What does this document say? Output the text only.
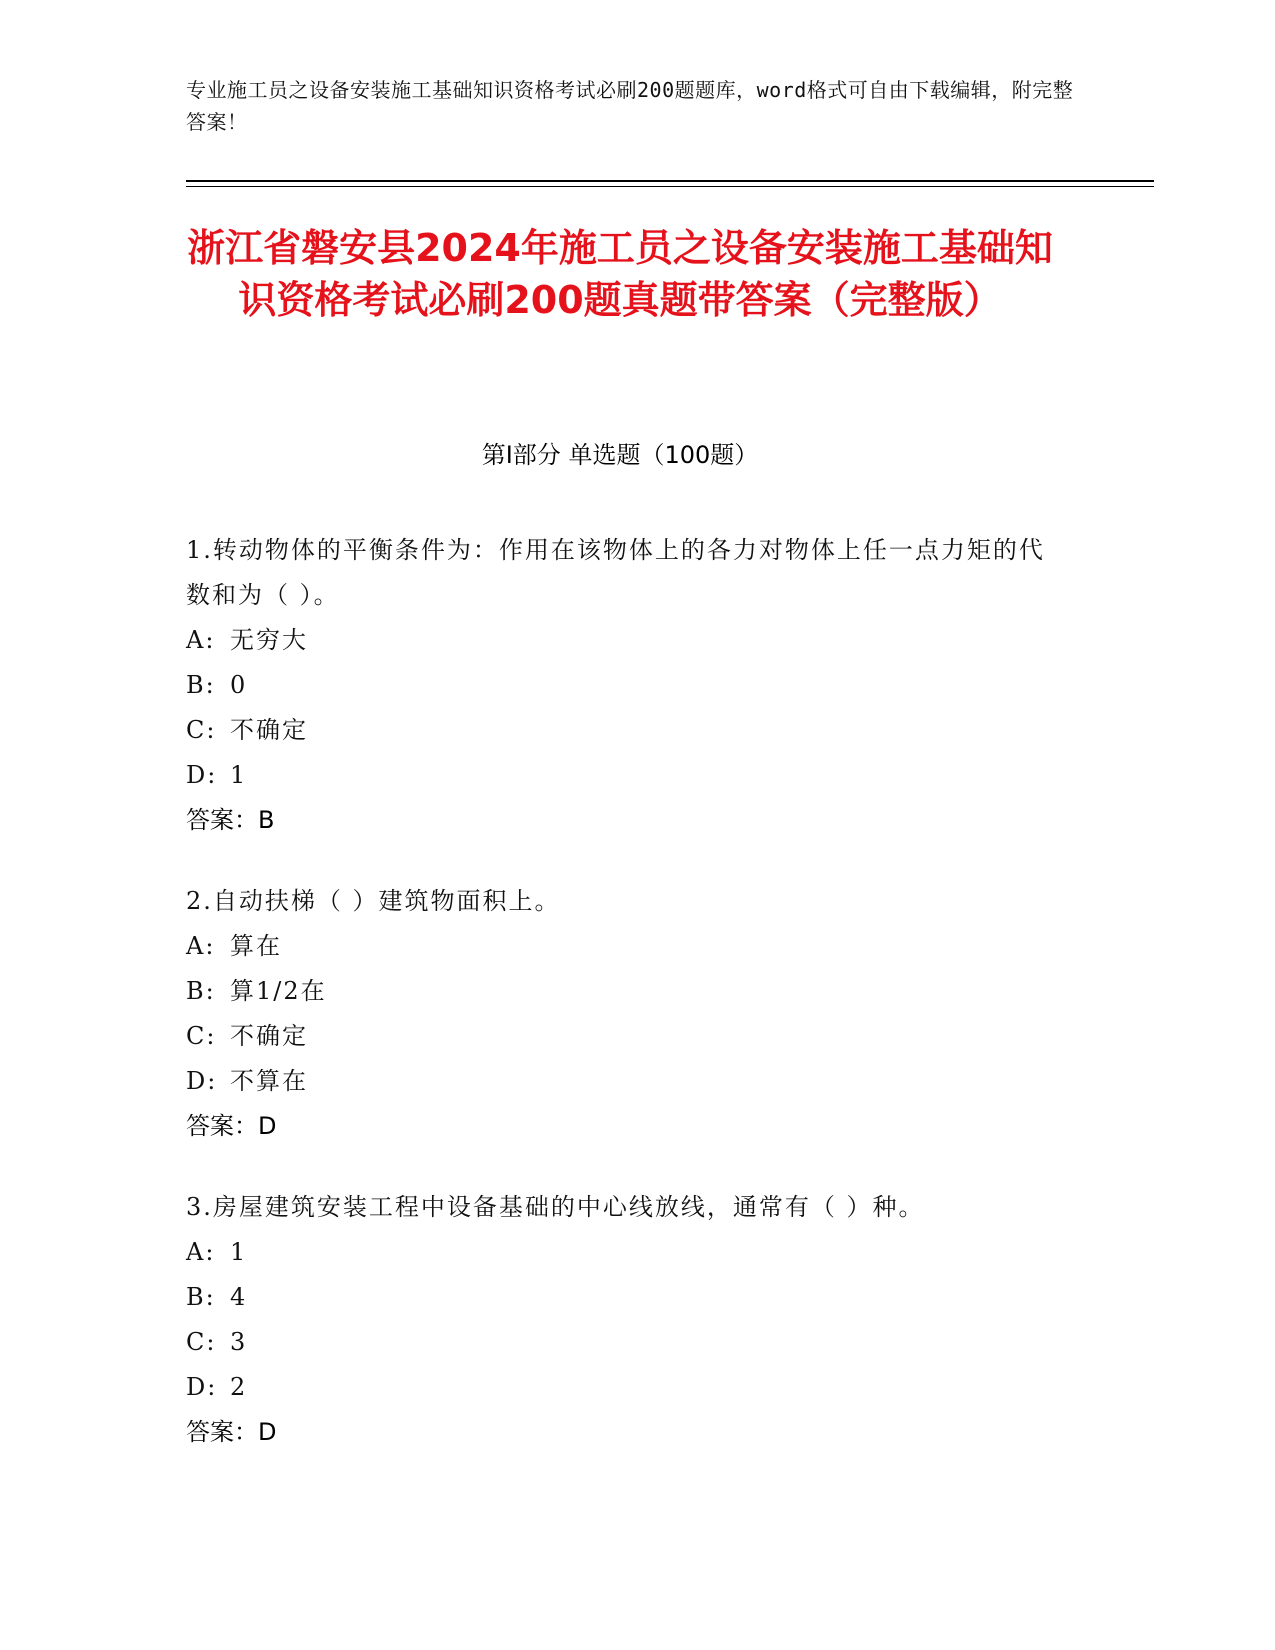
专业施工员之设备安装施工基础知识资格考试必刷200题题库，word格式可自由下载编辑，附完整答案！
浙江省磐安县2024年施工员之设备安装施工基础知识资格考试必刷200题真题带答案（完整版）
第I部分 单选题（100题）
1.转动物体的平衡条件为：作用在该物体上的各力对物体上任一点力矩的代数和为（ ）。
A: 无穷大
B: 0
C: 不确定
D: 1
答案：B
2.自动扶梯（ ）建筑物面积上。
A: 算在
B: 算1/2在
C: 不确定
D: 不算在
答案：D
3.房屋建筑安装工程中设备基础的中心线放线，通常有（ ）种。
A: 1
B: 4
C: 3
D: 2
答案：D
